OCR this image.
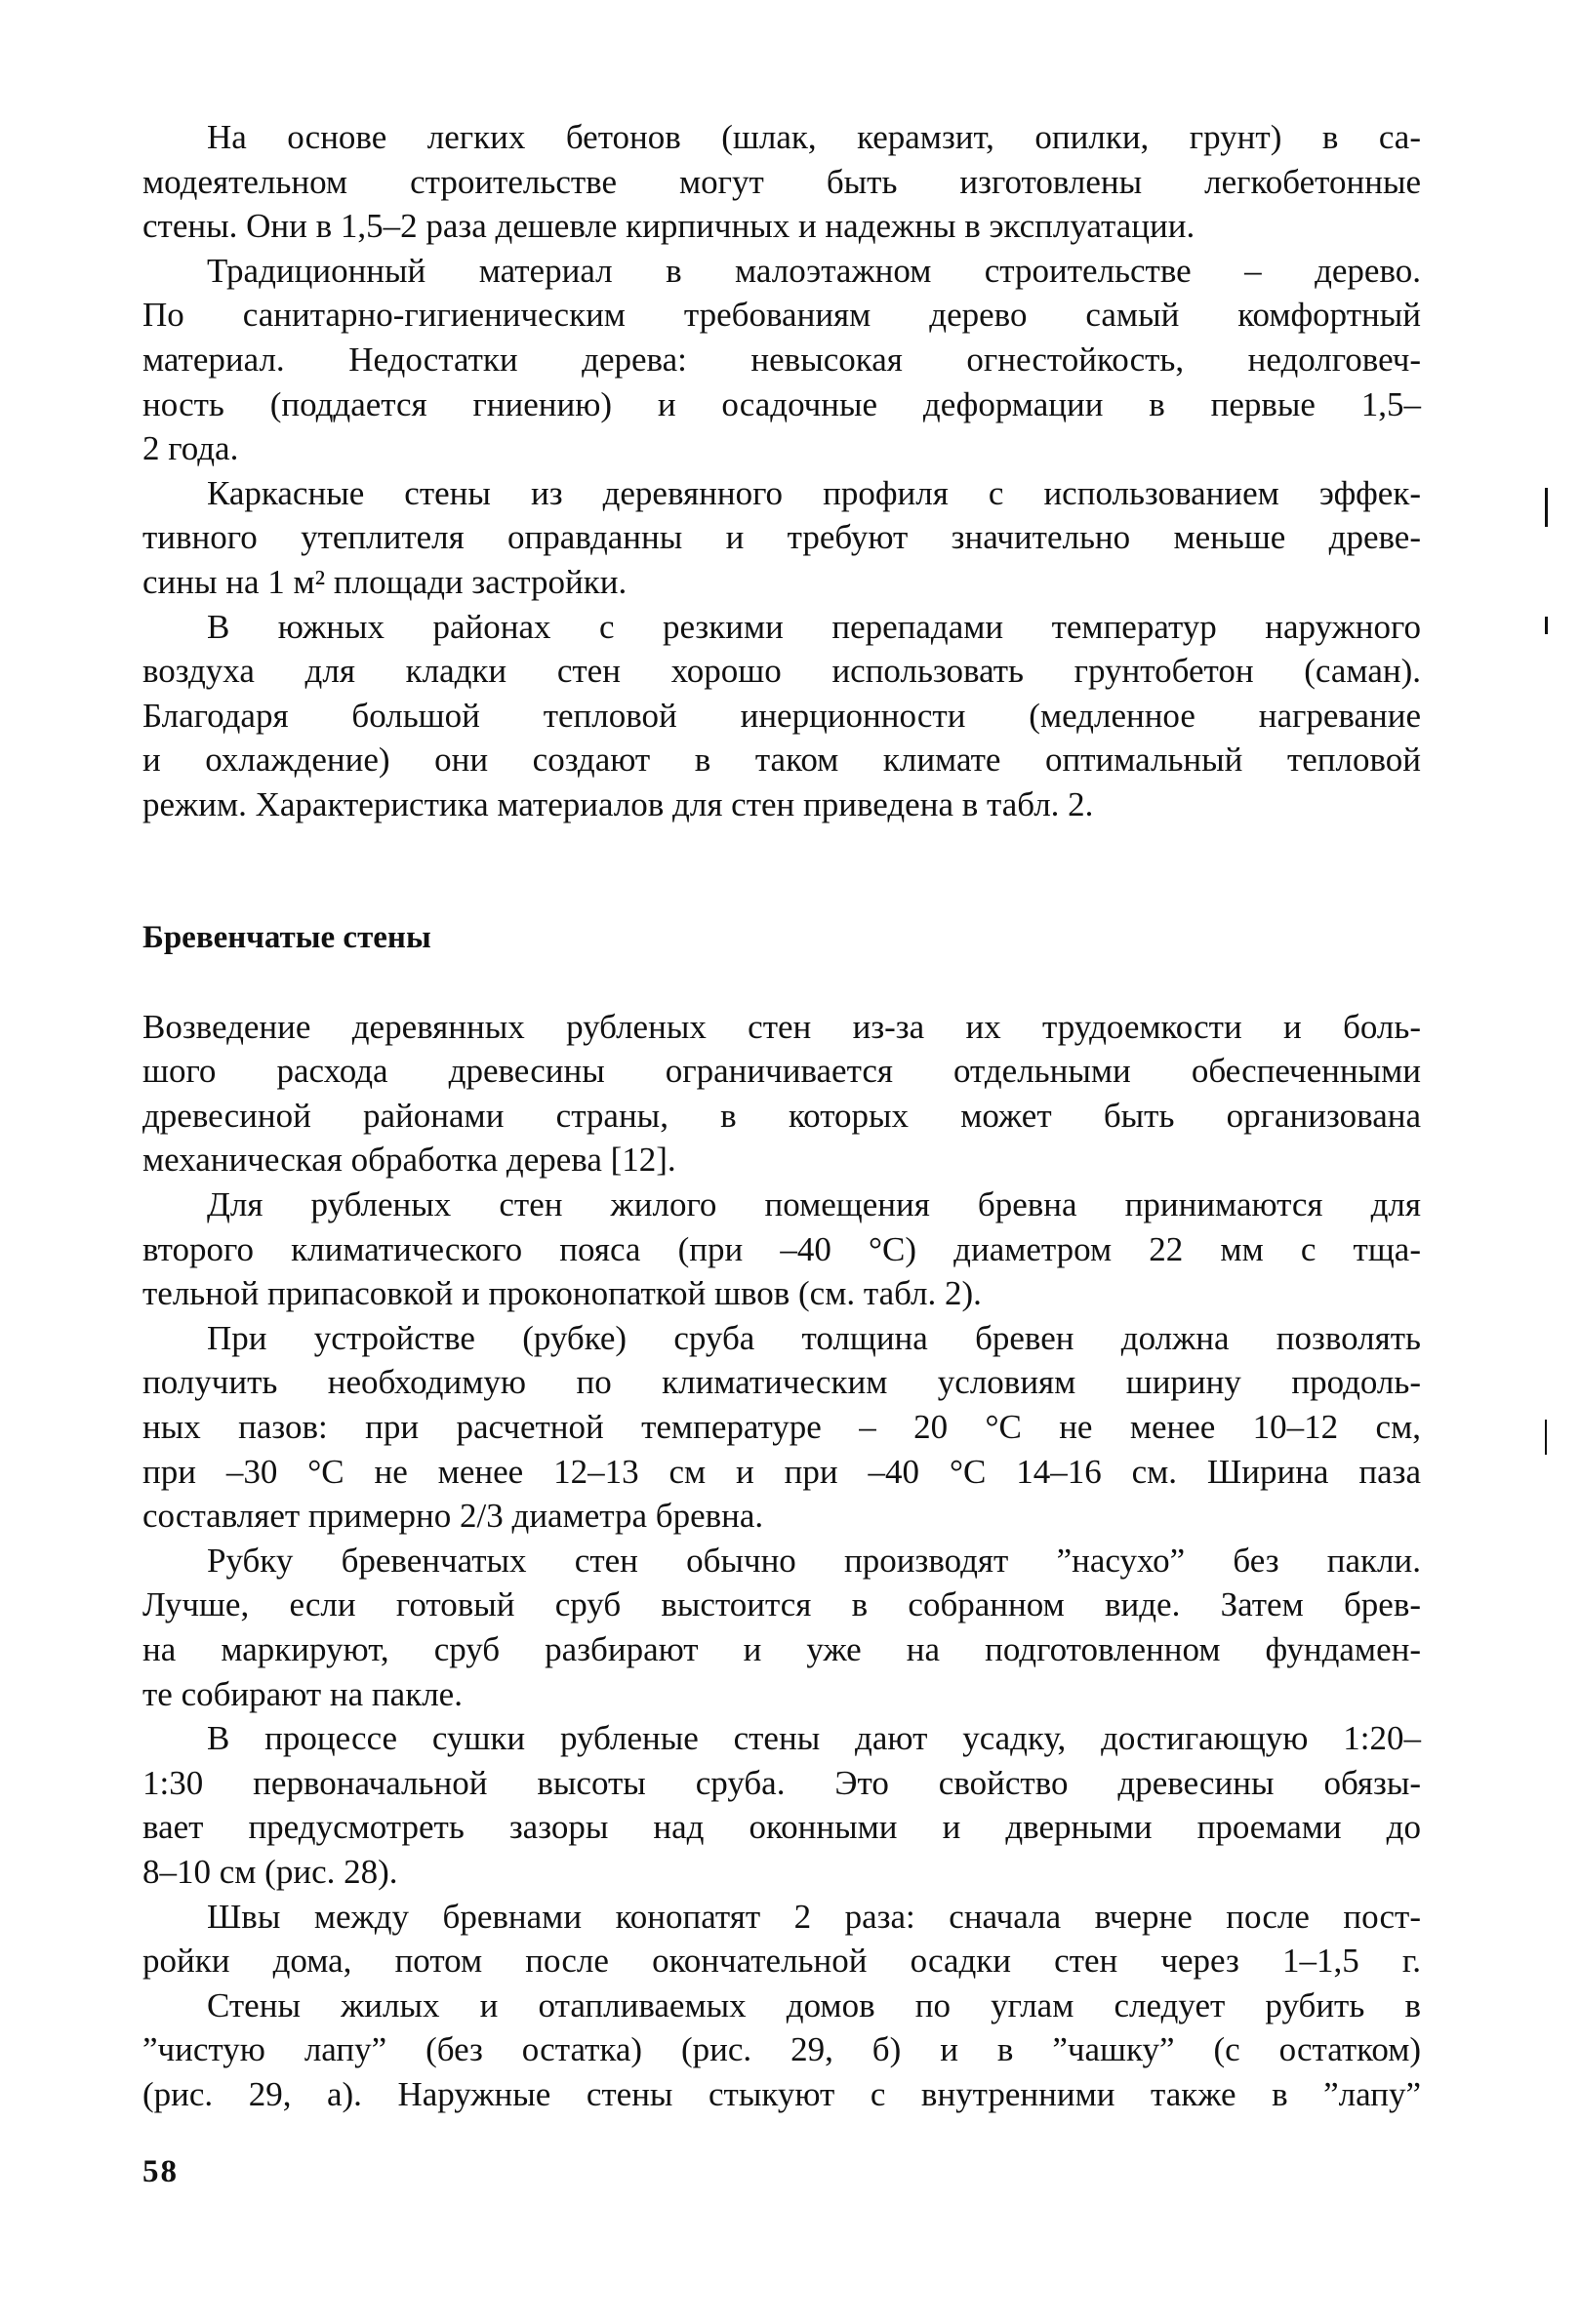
На основе легких бетонов (шлак, керамзит, опилки, грунт) в са-
модеятельном строительстве могут быть изготовлены легкобетонные
стены. Они в 1,5–2 раза дешевле кирпичных и надежны в эксплуатации.
Традиционный материал в малоэтажном строительстве – дерево.
По санитарно-гигиеническим требованиям дерево самый комфортный
материал. Недостатки дерева: невысокая огнестойкость, недолговеч-
ность (поддается гниению) и осадочные деформации в первые 1,5–
2 года.
Каркасные стены из деревянного профиля с использованием эффек-
тивного утеплителя оправданны и требуют значительно меньше древе-
сины на 1 м² площади застройки.
В южных районах с резкими перепадами температур наружного
воздуха для кладки стен хорошо использовать грунтобетон (саман).
Благодаря большой тепловой инерционности (медленное нагревание
и охлаждение) они создают в таком климате оптимальный тепловой
режим. Характеристика материалов для стен приведена в табл. 2.
Бревенчатые стены
Возведение деревянных рубленых стен из-за их трудоемкости и боль-
шого расхода древесины ограничивается отдельными обеспеченными
древесиной районами страны, в которых может быть организована
механическая обработка дерева [12].
Для рубленых стен жилого помещения бревна принимаются для
второго климатического пояса (при –40 °С) диаметром 22 мм с тща-
тельной припасовкой и проконопаткой швов (см. табл. 2).
При устройстве (рубке) сруба толщина бревен должна позволять
получить необходимую по климатическим условиям ширину продоль-
ных пазов: при расчетной температуре – 20 °С не менее 10–12 см,
при –30 °С не менее 12–13 см и при –40 °С 14–16 см. Ширина паза
составляет примерно 2/3 диаметра бревна.
Рубку бревенчатых стен обычно производят ”насухо” без пакли.
Лучше, если готовый сруб выстоится в собранном виде. Затем брев-
на маркируют, сруб разбирают и уже на подготовленном фундамен-
те собирают на пакле.
В процессе сушки рубленые стены дают усадку, достигающую 1:20–
1:30 первоначальной высоты сруба. Это свойство древесины обязы-
вает предусмотреть зазоры над оконными и дверными проемами до
8–10 см (рис. 28).
Швы между бревнами конопатят 2 раза: сначала вчерне после пост-
ройки дома, потом после окончательной осадки стен через 1–1,5 г.
Стены жилых и отапливаемых домов по углам следует рубить в
”чистую лапу” (без остатка) (рис. 29, б) и в ”чашку” (с остатком)
(рис. 29, а). Наружные стены стыкуют с внутренними также в ”лапу”
58
